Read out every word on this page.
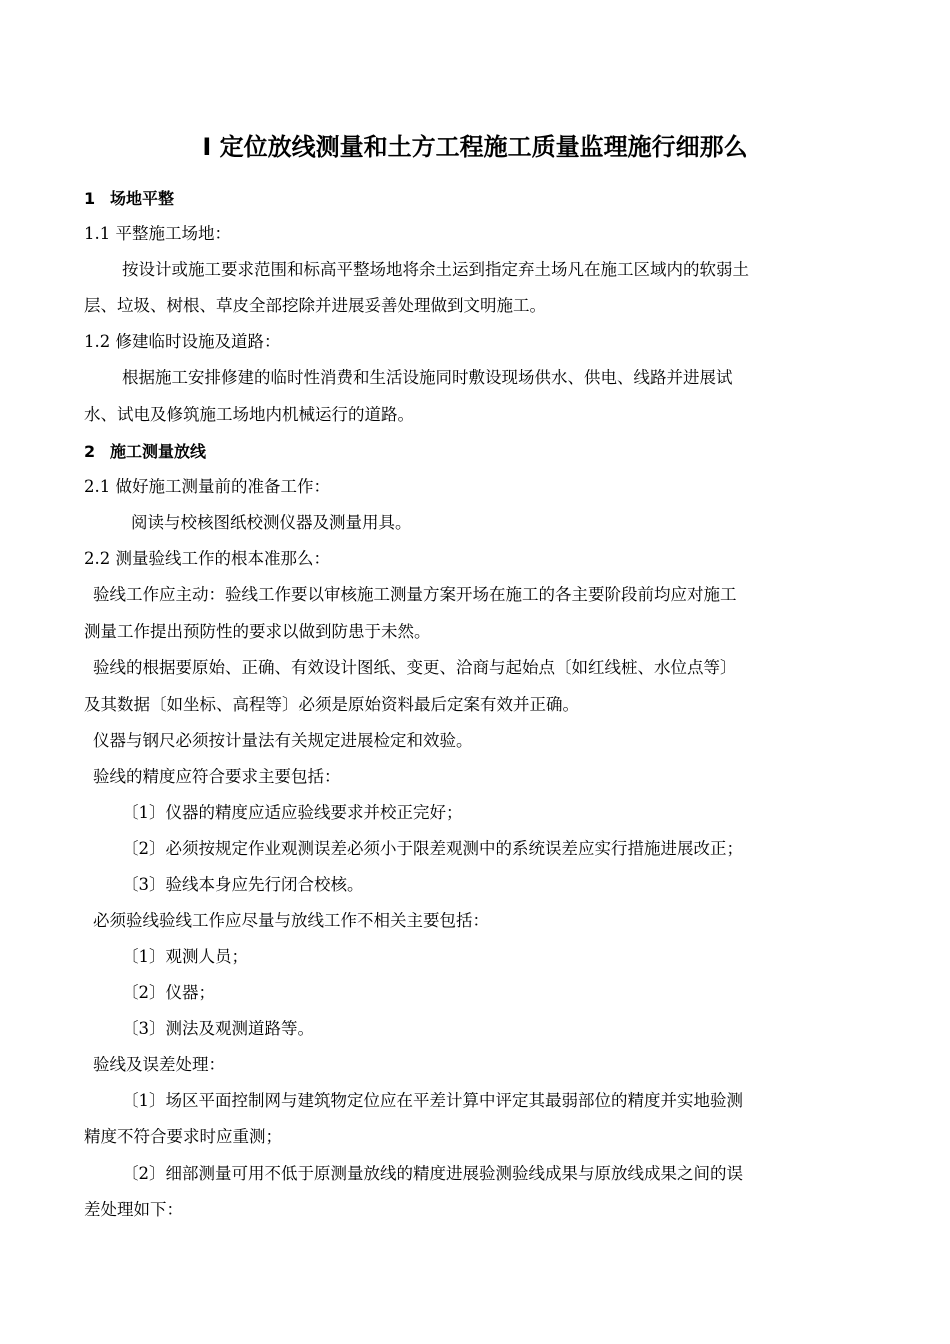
Ⅰ 定位放线测量和土方工程施工质量监理施行细那么
1 场地平整
1.1 平整施工场地：
按设计或施工要求范围和标高平整场地将余土运到指定弃土场凡在施工区域内的软弱土
层、垃圾、树根、草皮全部挖除并进展妥善处理做到文明施工。
1.2 修建临时设施及道路：
根据施工安排修建的临时性消费和生活设施同时敷设现场供水、供电、线路并进展试
水、试电及修筑施工场地内机械运行的道路。
2 施工测量放线
2.1 做好施工测量前的准备工作：
阅读与校核图纸校测仪器及测量用具。
2.2 测量验线工作的根本准那么：
验线工作应主动：验线工作要以审核施工测量方案开场在施工的各主要阶段前均应对施工
测量工作提出预防性的要求以做到防患于未然。
验线的根据要原始、正确、有效设计图纸、变更、洽商与起始点〔如红线桩、水位点等〕
及其数据〔如坐标、高程等〕必须是原始资料最后定案有效并正确。
仪器与钢尺必须按计量法有关规定进展检定和效验。
验线的精度应符合要求主要包括：
〔1〕仪器的精度应适应验线要求并校正完好；
〔2〕必须按规定作业观测误差必须小于限差观测中的系统误差应实行措施进展改正；
〔3〕验线本身应先行闭合校核。
必须验线验线工作应尽量与放线工作不相关主要包括：
〔1〕观测人员；
〔2〕仪器；
〔3〕测法及观测道路等。
验线及误差处理：
〔1〕场区平面控制网与建筑物定位应在平差计算中评定其最弱部位的精度并实地验测
精度不符合要求时应重测；
〔2〕细部测量可用不低于原测量放线的精度进展验测验线成果与原放线成果之间的误
差处理如下：
